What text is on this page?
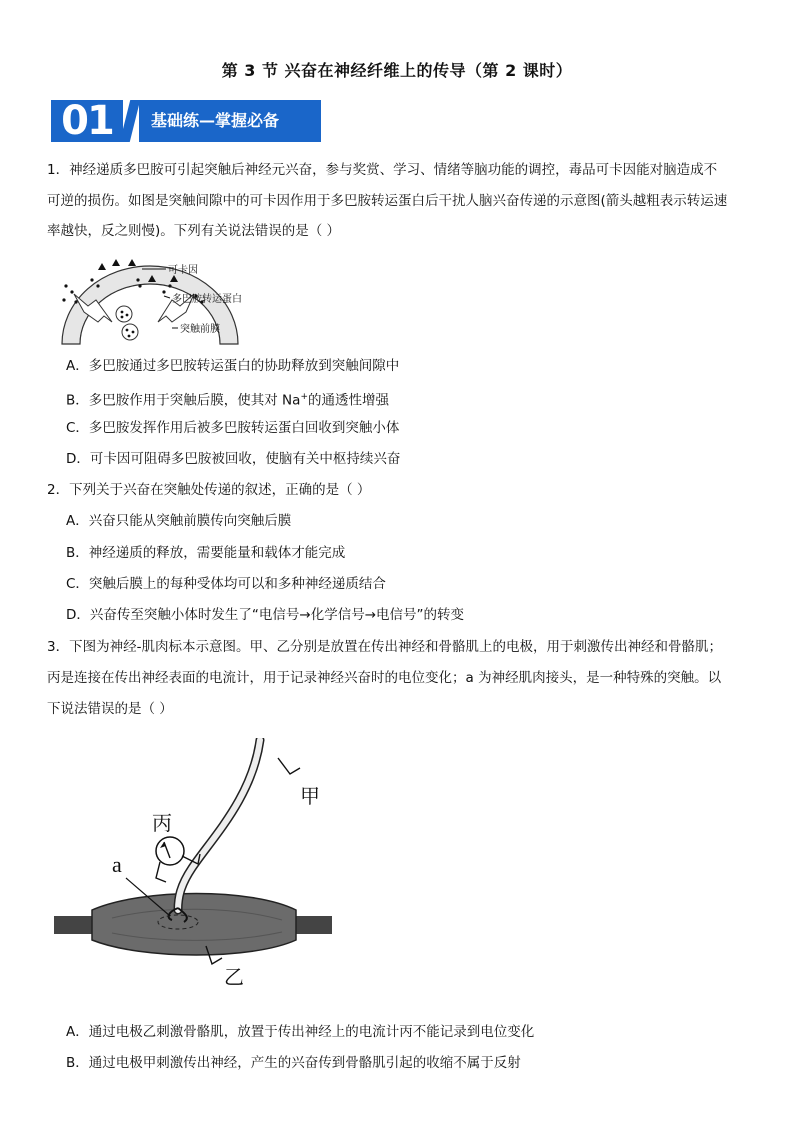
第 3 节 兴奋在神经纤维上的传导（第 2 课时）
01	基础练—掌握必备
1．神经递质多巴胺可引起突触后神经元兴奋，参与奖赏、学习、情绪等脑功能的调控，毒品可卡因能对脑造成不
可逆的损伤。如图是突触间隙中的可卡因作用于多巴胺转运蛋白后干扰人脑兴奋传递的示意图(箭头越粗表示转运速
率越快，反之则慢)。下列有关说法错误的是（ ）
可卡因
多巴胺转运蛋白
突触前膜
A．多巴胺通过多巴胺转运蛋白的协助释放到突触间隙中
B．多巴胺作用于突触后膜，使其对 Na+的通透性增强
C．多巴胺发挥作用后被多巴胺转运蛋白回收到突触小体
D．可卡因可阻碍多巴胺被回收，使脑有关中枢持续兴奋
2．下列关于兴奋在突触处传递的叙述，正确的是（ ）
A．兴奋只能从突触前膜传向突触后膜
B．神经递质的释放，需要能量和载体才能完成
C．突触后膜上的每种受体均可以和多种神经递质结合
D．兴奋传至突触小体时发生了“电信号→化学信号→电信号”的转变
3．下图为神经-肌肉标本示意图。甲、乙分别是放置在传出神经和骨骼肌上的电极，用于刺激传出神经和骨骼肌；
丙是连接在传出神经表面的电流计，用于记录神经兴奋时的电位变化；a 为神经肌肉接头，是一种特殊的突触。以
下说法错误的是（ ）
甲
丙
a
乙
A．通过电极乙刺激骨骼肌，放置于传出神经上的电流计丙不能记录到电位变化
B．通过电极甲刺激传出神经，产生的兴奋传到骨骼肌引起的收缩不属于反射
